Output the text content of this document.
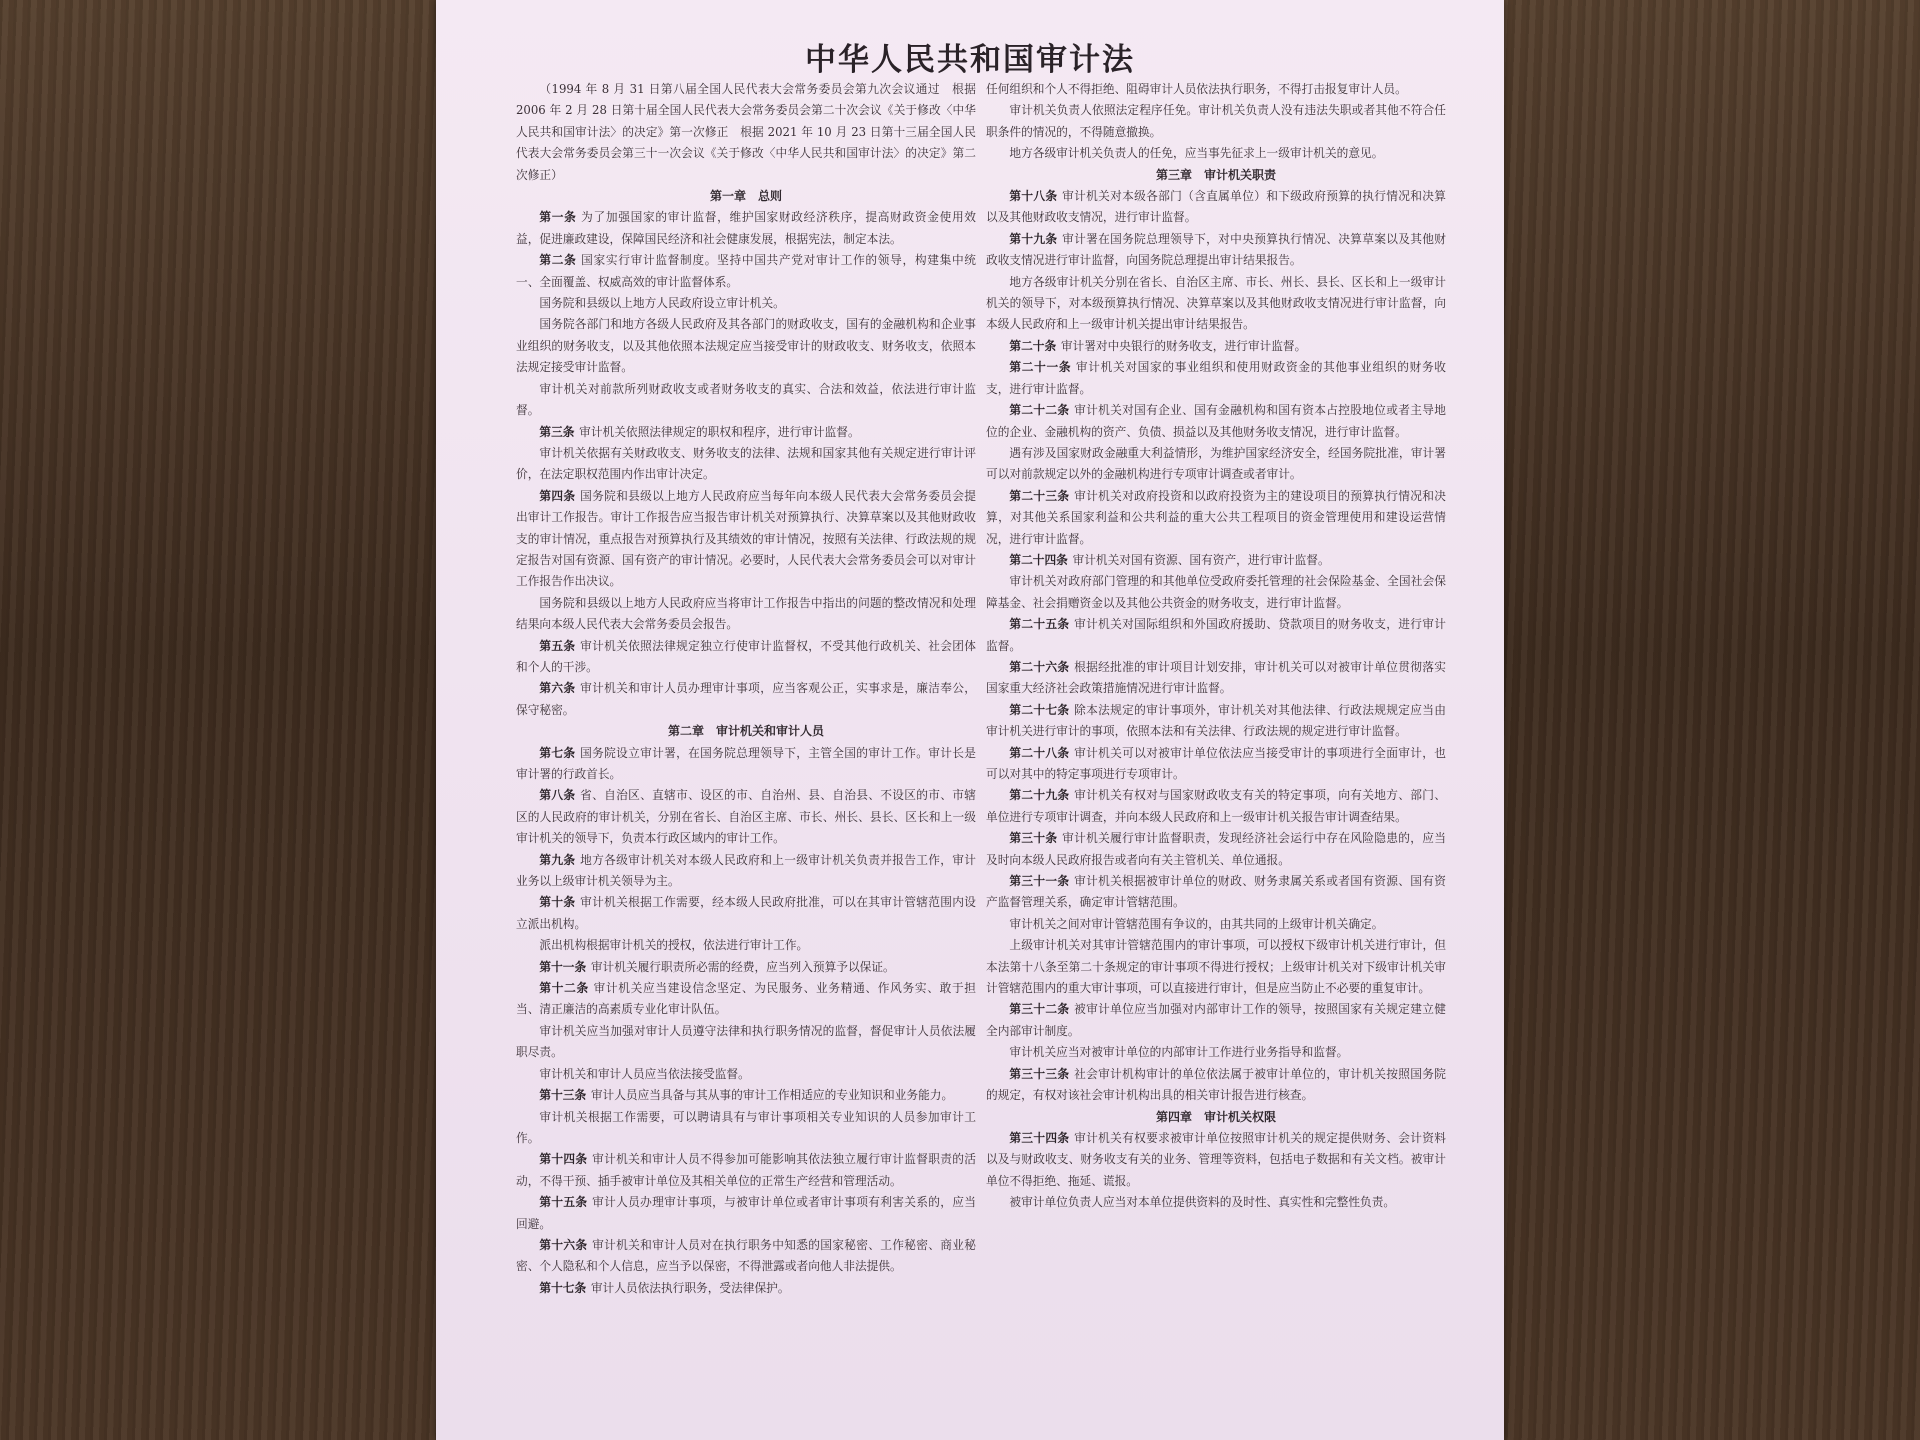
中华人民共和国审计法

（1994 年 8 月 31 日第八届全国人民代表大会常务委员会第九次会议通过　根据 2006 年 2 月 28 日第十届全国人民代表大会常务委员会第二十次会议《关于修改〈中华人民共和国审计法〉的决定》第一次修正　根据 2021 年 10 月 23 日第十三届全国人民代表大会常务委员会第三十一次会议《关于修改〈中华人民共和国审计法〉的决定》第二次修正）

第一章　总则

第一条 为了加强国家的审计监督，维护国家财政经济秩序，提高财政资金使用效益，促进廉政建设，保障国民经济和社会健康发展，根据宪法，制定本法。

第二条 国家实行审计监督制度。坚持中国共产党对审计工作的领导，构建集中统一、全面覆盖、权威高效的审计监督体系。

国务院和县级以上地方人民政府设立审计机关。

国务院各部门和地方各级人民政府及其各部门的财政收支，国有的金融机构和企业事业组织的财务收支，以及其他依照本法规定应当接受审计的财政收支、财务收支，依照本法规定接受审计监督。

审计机关对前款所列财政收支或者财务收支的真实、合法和效益，依法进行审计监督。

第三条 审计机关依照法律规定的职权和程序，进行审计监督。

审计机关依据有关财政收支、财务收支的法律、法规和国家其他有关规定进行审计评价，在法定职权范围内作出审计决定。

第四条 国务院和县级以上地方人民政府应当每年向本级人民代表大会常务委员会提出审计工作报告。审计工作报告应当报告审计机关对预算执行、决算草案以及其他财政收支的审计情况，重点报告对预算执行及其绩效的审计情况，按照有关法律、行政法规的规定报告对国有资源、国有资产的审计情况。必要时，人民代表大会常务委员会可以对审计工作报告作出决议。

国务院和县级以上地方人民政府应当将审计工作报告中指出的问题的整改情况和处理结果向本级人民代表大会常务委员会报告。

第五条 审计机关依照法律规定独立行使审计监督权，不受其他行政机关、社会团体和个人的干涉。

第六条 审计机关和审计人员办理审计事项，应当客观公正，实事求是，廉洁奉公，保守秘密。

第二章　审计机关和审计人员

第七条 国务院设立审计署，在国务院总理领导下，主管全国的审计工作。审计长是审计署的行政首长。

第八条 省、自治区、直辖市、设区的市、自治州、县、自治县、不设区的市、市辖区的人民政府的审计机关，分别在省长、自治区主席、市长、州长、县长、区长和上一级审计机关的领导下，负责本行政区域内的审计工作。

第九条 地方各级审计机关对本级人民政府和上一级审计机关负责并报告工作，审计业务以上级审计机关领导为主。

第十条 审计机关根据工作需要，经本级人民政府批准，可以在其审计管辖范围内设立派出机构。

派出机构根据审计机关的授权，依法进行审计工作。

第十一条 审计机关履行职责所必需的经费，应当列入预算予以保证。

第十二条 审计机关应当建设信念坚定、为民服务、业务精通、作风务实、敢于担当、清正廉洁的高素质专业化审计队伍。

审计机关应当加强对审计人员遵守法律和执行职务情况的监督，督促审计人员依法履职尽责。

审计机关和审计人员应当依法接受监督。

第十三条 审计人员应当具备与其从事的审计工作相适应的专业知识和业务能力。

审计机关根据工作需要，可以聘请具有与审计事项相关专业知识的人员参加审计工作。

第十四条 审计机关和审计人员不得参加可能影响其依法独立履行审计监督职责的活动，不得干预、插手被审计单位及其相关单位的正常生产经营和管理活动。

第十五条 审计人员办理审计事项，与被审计单位或者审计事项有利害关系的，应当回避。

第十六条 审计机关和审计人员对在执行职务中知悉的国家秘密、工作秘密、商业秘密、个人隐私和个人信息，应当予以保密，不得泄露或者向他人非法提供。

第十七条 审计人员依法执行职务，受法律保护。

任何组织和个人不得拒绝、阻碍审计人员依法执行职务，不得打击报复审计人员。

审计机关负责人依照法定程序任免。审计机关负责人没有违法失职或者其他不符合任职条件的情况的，不得随意撤换。

地方各级审计机关负责人的任免，应当事先征求上一级审计机关的意见。

第三章　审计机关职责

第十八条 审计机关对本级各部门（含直属单位）和下级政府预算的执行情况和决算以及其他财政收支情况，进行审计监督。

第十九条 审计署在国务院总理领导下，对中央预算执行情况、决算草案以及其他财政收支情况进行审计监督，向国务院总理提出审计结果报告。

地方各级审计机关分别在省长、自治区主席、市长、州长、县长、区长和上一级审计机关的领导下，对本级预算执行情况、决算草案以及其他财政收支情况进行审计监督，向本级人民政府和上一级审计机关提出审计结果报告。

第二十条 审计署对中央银行的财务收支，进行审计监督。

第二十一条 审计机关对国家的事业组织和使用财政资金的其他事业组织的财务收支，进行审计监督。

第二十二条 审计机关对国有企业、国有金融机构和国有资本占控股地位或者主导地位的企业、金融机构的资产、负债、损益以及其他财务收支情况，进行审计监督。

遇有涉及国家财政金融重大利益情形，为维护国家经济安全，经国务院批准，审计署可以对前款规定以外的金融机构进行专项审计调查或者审计。

第二十三条 审计机关对政府投资和以政府投资为主的建设项目的预算执行情况和决算，对其他关系国家利益和公共利益的重大公共工程项目的资金管理使用和建设运营情况，进行审计监督。

第二十四条 审计机关对国有资源、国有资产，进行审计监督。

审计机关对政府部门管理的和其他单位受政府委托管理的社会保险基金、全国社会保障基金、社会捐赠资金以及其他公共资金的财务收支，进行审计监督。

第二十五条 审计机关对国际组织和外国政府援助、贷款项目的财务收支，进行审计监督。

第二十六条 根据经批准的审计项目计划安排，审计机关可以对被审计单位贯彻落实国家重大经济社会政策措施情况进行审计监督。

第二十七条 除本法规定的审计事项外，审计机关对其他法律、行政法规规定应当由审计机关进行审计的事项，依照本法和有关法律、行政法规的规定进行审计监督。

第二十八条 审计机关可以对被审计单位依法应当接受审计的事项进行全面审计，也可以对其中的特定事项进行专项审计。

第二十九条 审计机关有权对与国家财政收支有关的特定事项，向有关地方、部门、单位进行专项审计调查，并向本级人民政府和上一级审计机关报告审计调查结果。

第三十条 审计机关履行审计监督职责，发现经济社会运行中存在风险隐患的，应当及时向本级人民政府报告或者向有关主管机关、单位通报。

第三十一条 审计机关根据被审计单位的财政、财务隶属关系或者国有资源、国有资产监督管理关系，确定审计管辖范围。

审计机关之间对审计管辖范围有争议的，由其共同的上级审计机关确定。

上级审计机关对其审计管辖范围内的审计事项，可以授权下级审计机关进行审计，但本法第十八条至第二十条规定的审计事项不得进行授权；上级审计机关对下级审计机关审计管辖范围内的重大审计事项，可以直接进行审计，但是应当防止不必要的重复审计。

第三十二条 被审计单位应当加强对内部审计工作的领导，按照国家有关规定建立健全内部审计制度。

审计机关应当对被审计单位的内部审计工作进行业务指导和监督。

第三十三条 社会审计机构审计的单位依法属于被审计单位的，审计机关按照国务院的规定，有权对该社会审计机构出具的相关审计报告进行核查。

第四章　审计机关权限

第三十四条 审计机关有权要求被审计单位按照审计机关的规定提供财务、会计资料以及与财政收支、财务收支有关的业务、管理等资料，包括电子数据和有关文档。被审计单位不得拒绝、拖延、谎报。

被审计单位负责人应当对本单位提供资料的及时性、真实性和完整性负责。
